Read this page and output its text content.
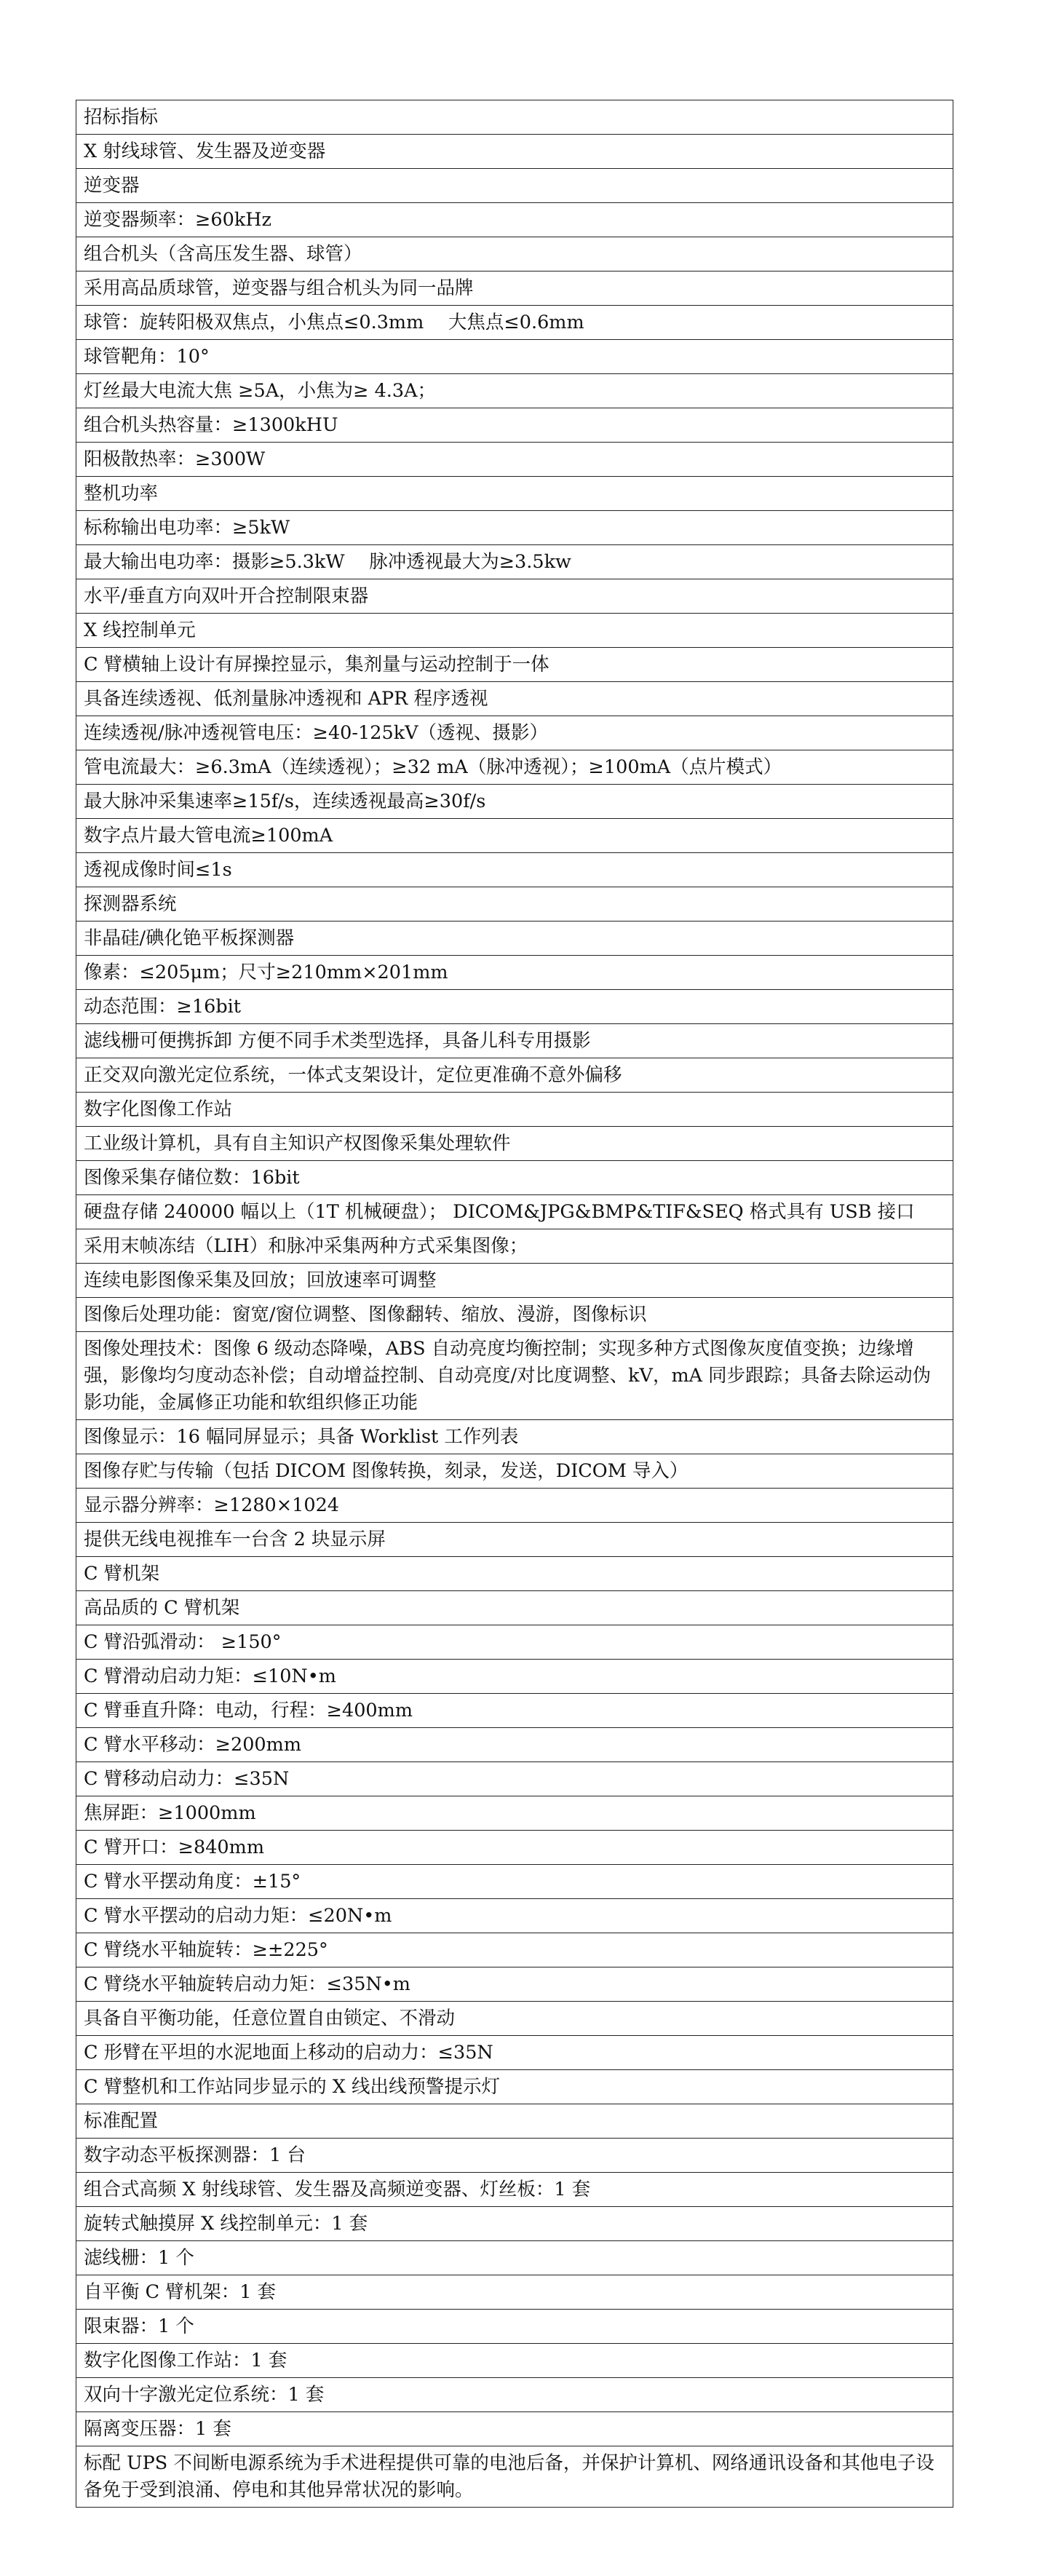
招标指标
X 射线球管、发生器及逆变器
逆变器
逆变器频率：≥60kHz
组合机头（含高压发生器、球管）
采用高品质球管，逆变器与组合机头为同一品牌
球管：旋转阳极双焦点，小焦点≤0.3mm　 大焦点≤0.6mm
球管靶角：10°
灯丝最大电流大焦 ≥5A，小焦为≥ 4.3A；
组合机头热容量：≥1300kHU
阳极散热率：≥300W
整机功率
标称输出电功率：≥5kW
最大输出电功率：摄影≥5.3kW　 脉冲透视最大为≥3.5kw
水平/垂直方向双叶开合控制限束器
X 线控制单元
C 臂横轴上设计有屏操控显示，集剂量与运动控制于一体
具备连续透视、低剂量脉冲透视和 APR 程序透视
连续透视/脉冲透视管电压：≥40-125kV（透视、摄影）
管电流最大：≥6.3mA（连续透视）；≥32 mA（脉冲透视）；≥100mA（点片模式）
最大脉冲采集速率≥15f/s，连续透视最高≥30f/s
数字点片最大管电流≥100mA
透视成像时间≤1s
探测器系统
非晶硅/碘化铯平板探测器
像素：≤205μm；尺寸≥210mm×201mm
动态范围：≥16bit
滤线栅可便携拆卸 方便不同手术类型选择，具备儿科专用摄影
正交双向激光定位系统，一体式支架设计，定位更准确不意外偏移
数字化图像工作站
工业级计算机，具有自主知识产权图像采集处理软件
图像采集存储位数：16bit
硬盘存储 240000 幅以上（1T 机械硬盘）； DICOM&JPG&BMP&TIF&SEQ 格式具有 USB 接口
采用末帧冻结（LIH）和脉冲采集两种方式采集图像；
连续电影图像采集及回放；回放速率可调整
图像后处理功能：窗宽/窗位调整、图像翻转、缩放、漫游，图像标识
图像处理技术：图像 6 级动态降噪，ABS 自动亮度均衡控制；实现多种方式图像灰度值变换；边缘增强，影像均匀度动态补偿；自动增益控制、自动亮度/对比度调整、kV，mA 同步跟踪；具备去除运动伪影功能，金属修正功能和软组织修正功能
图像显示：16 幅同屏显示；具备 Worklist 工作列表
图像存贮与传输（包括 DICOM 图像转换，刻录，发送，DICOM 导入）
显示器分辨率：≥1280×1024
提供无线电视推车一台含 2 块显示屏
C 臂机架
高品质的 C 臂机架
C 臂沿弧滑动： ≥150°
C 臂滑动启动力矩：≤10N•m
C 臂垂直升降：电动，行程：≥400mm
C 臂水平移动：≥200mm
C 臂移动启动力：≤35N
焦屏距：≥1000mm
C 臂开口：≥840mm
C 臂水平摆动角度：±15°
C 臂水平摆动的启动力矩：≤20N•m
C 臂绕水平轴旋转：≥±225°
C 臂绕水平轴旋转启动力矩：≤35N•m
具备自平衡功能，任意位置自由锁定、不滑动
C 形臂在平坦的水泥地面上移动的启动力：≤35N
C 臂整机和工作站同步显示的 X 线出线预警提示灯
标准配置
数字动态平板探测器：1 台
组合式高频 X 射线球管、发生器及高频逆变器、灯丝板：1 套
旋转式触摸屏 X 线控制单元：1 套
滤线栅：1 个
自平衡 C 臂机架：1 套
限束器：1 个
数字化图像工作站：1 套
双向十字激光定位系统：1 套
隔离变压器：1 套
标配 UPS 不间断电源系统为手术进程提供可靠的电池后备，并保护计算机、网络通讯设备和其他电子设备免于受到浪涌、停电和其他异常状况的影响。
